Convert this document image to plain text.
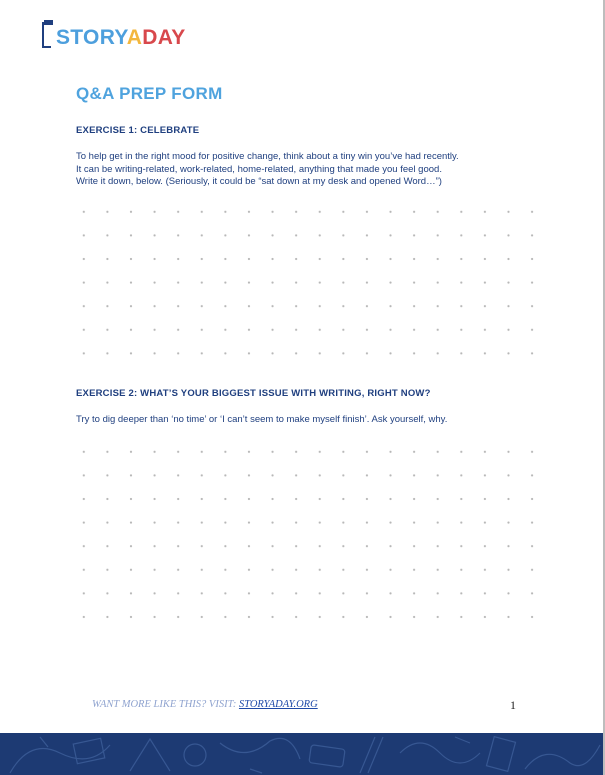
STORYADAY
Q&A PREP FORM
EXERCISE 1: CELEBRATE
To help get in the right mood for positive change, think about a tiny win you’ve had recently.
It can be writing-related, work-related, home-related, anything that made you feel good.
Write it down, below. (Seriously, it could be “sat down at my desk and opened Word…”)
EXERCISE 2: WHAT’S YOUR BIGGEST ISSUE WITH WRITING, RIGHT NOW?
Try to dig deeper than ‘no time’ or ‘I can’t seem to make myself finish’. Ask yourself, why.
WANT MORE LIKE THIS? VISIT: STORYADAY.ORG	1
